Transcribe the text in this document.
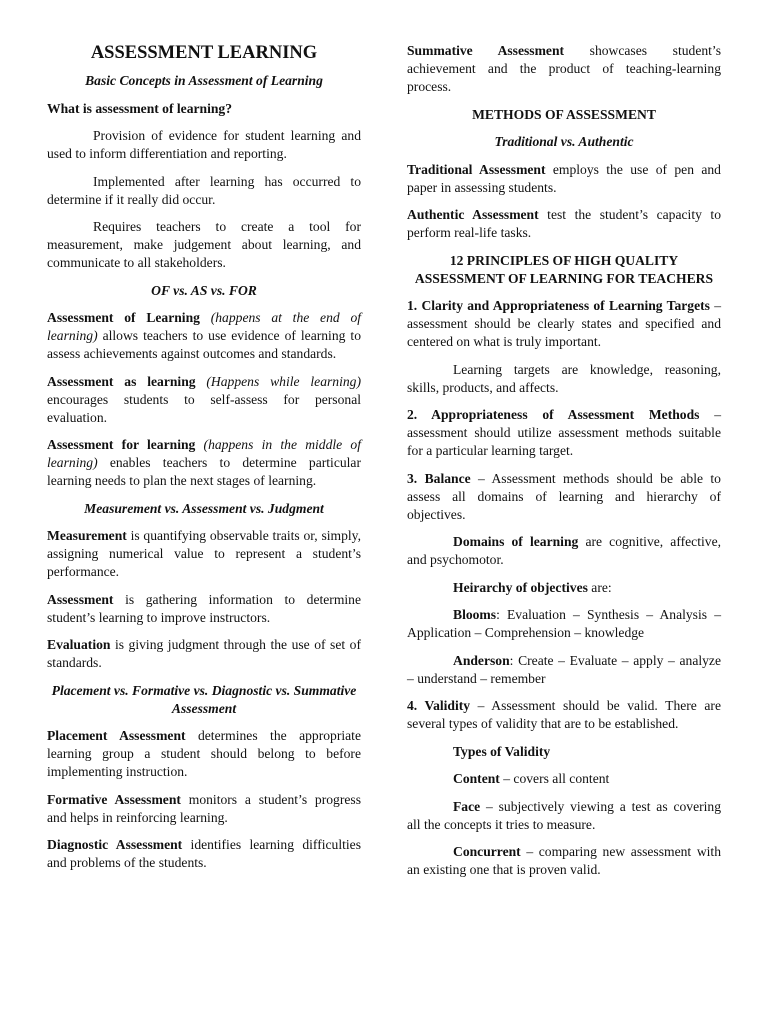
ASSESSMENT LEARNING

Basic Concepts in Assessment of Learning

What is assessment of learning?

Provision of evidence for student learning and used to inform differentiation and reporting.

Implemented after learning has occurred to determine if it really did occur.

Requires teachers to create a tool for measurement, make judgement about learning, and communicate to all stakeholders.

OF vs. AS vs. FOR

Assessment of Learning (happens at the end of learning) allows teachers to use evidence of learning to assess achievements against outcomes and standards.

Assessment as learning (Happens while learning) encourages students to self-assess for personal evaluation.

Assessment for learning (happens in the middle of learning) enables teachers to determine particular learning needs to plan the next stages of learning.

Measurement vs. Assessment vs. Judgment

Measurement is quantifying observable traits or, simply, assigning numerical value to represent a student’s performance.

Assessment is gathering information to determine student’s learning to improve instructors.

Evaluation is giving judgment through the use of set of standards.

Placement vs. Formative vs. Diagnostic vs. Summative Assessment

Placement Assessment determines the appropriate learning group a student should belong to before implementing instruction.

Formative Assessment monitors a student’s progress and helps in reinforcing learning.

Diagnostic Assessment identifies learning difficulties and problems of the students.

Summative Assessment showcases student’s achievement and the product of teaching-learning process.

METHODS OF ASSESSMENT

Traditional vs. Authentic

Traditional Assessment employs the use of pen and paper in assessing students.

Authentic Assessment test the student’s capacity to perform real-life tasks.

12 PRINCIPLES OF HIGH QUALITY ASSESSMENT OF LEARNING FOR TEACHERS

1. Clarity and Appropriateness of Learning Targets – assessment should be clearly states and specified and centered on what is truly important.

Learning targets are knowledge, reasoning, skills, products, and affects.

2. Appropriateness of Assessment Methods – assessment should utilize assessment methods suitable for a particular learning target.

3. Balance – Assessment methods should be able to assess all domains of learning and hierarchy of objectives.

Domains of learning are cognitive, affective, and psychomotor.

Heirarchy of objectives are:

Blooms: Evaluation – Synthesis – Analysis – Application – Comprehension – knowledge

Anderson: Create – Evaluate – apply – analyze – understand – remember

4. Validity – Assessment should be valid. There are several types of validity that are to be established.

Types of Validity

Content – covers all content

Face – subjectively viewing a test as covering all the concepts it tries to measure.

Concurrent – comparing new assessment with an existing one that is proven valid.
